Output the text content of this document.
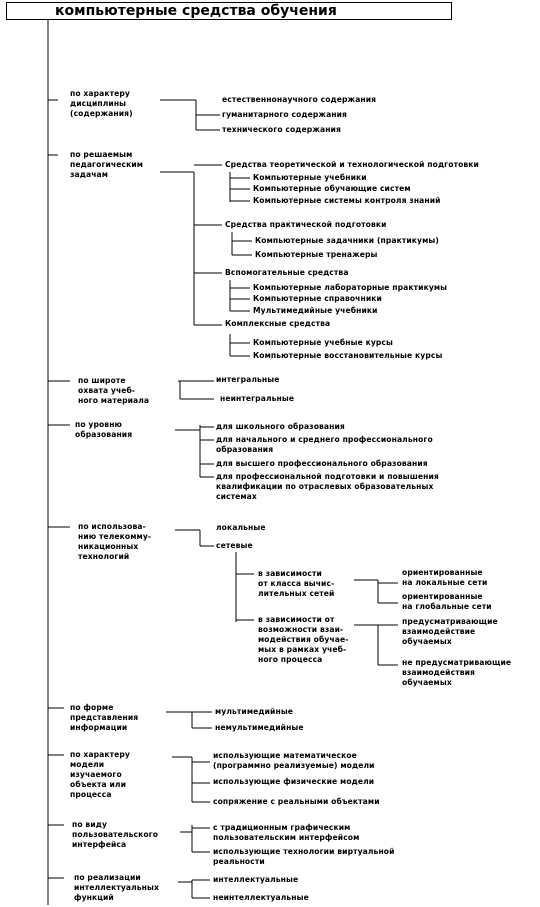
компьютерные средства обучения
по характеру
дисциплины
(содержания)
естественнонаучного содержания
гуманитарного содержания
технического содержания
по решаемым
педагогическим
задачам
Средства теоретической и технологической подготовки
Компьютерные учебники
Компьютерные обучающие систем
Компьютерные системы контроля знаний
Средства практической подготовки
Компьютерные задачники (практикумы)
Компьютерные тренажеры
Вспомогательные средства
Компьютерные лабораторные практикумы
Компьютерные справочники
Мультимедийные учебники
Комплексные средства
Компьютерные учебные курсы
Компьютерные восстановительные курсы
по широте
охвата учеб-
ного материала
интегральные
неинтегральные
по уровню
образования
для школьного образования
для начального и среднего профессионального
образования
для высшего профессионального образования
для профессиональной подготовки и повышения
квалификации по отраслевых образовательных
системах
по использова-
нию телекомму-
никационных
технологий
локальные
сетевые
в зависимости
от класса вычис-
лительных сетей
ориентированные
на локальные сети
ориентированные
на глобальные сети
в зависимости от
возможности взаи-
модействия обучае-
мых в рамках учеб-
ного процесса
предусматривающие
взаимодействие
обучаемых
не предусматривающие
взаимодействия
обучаемых
по форме
представления
информации
мультимедийные
немультимедийные
по характеру
модели
изучаемого
объекта или
процесса
использующие математическое
(программно реализуемые) модели
использующие физические модели
сопряжение с реальными объектами
по виду
пользовательского
интерфейса
с традиционным графическим
пользовательским интерфейсом
использующие технологии виртуальной
реальности
по реализации
интеллектуальных
функций
интеллектуальные
неинтеллектуальные
